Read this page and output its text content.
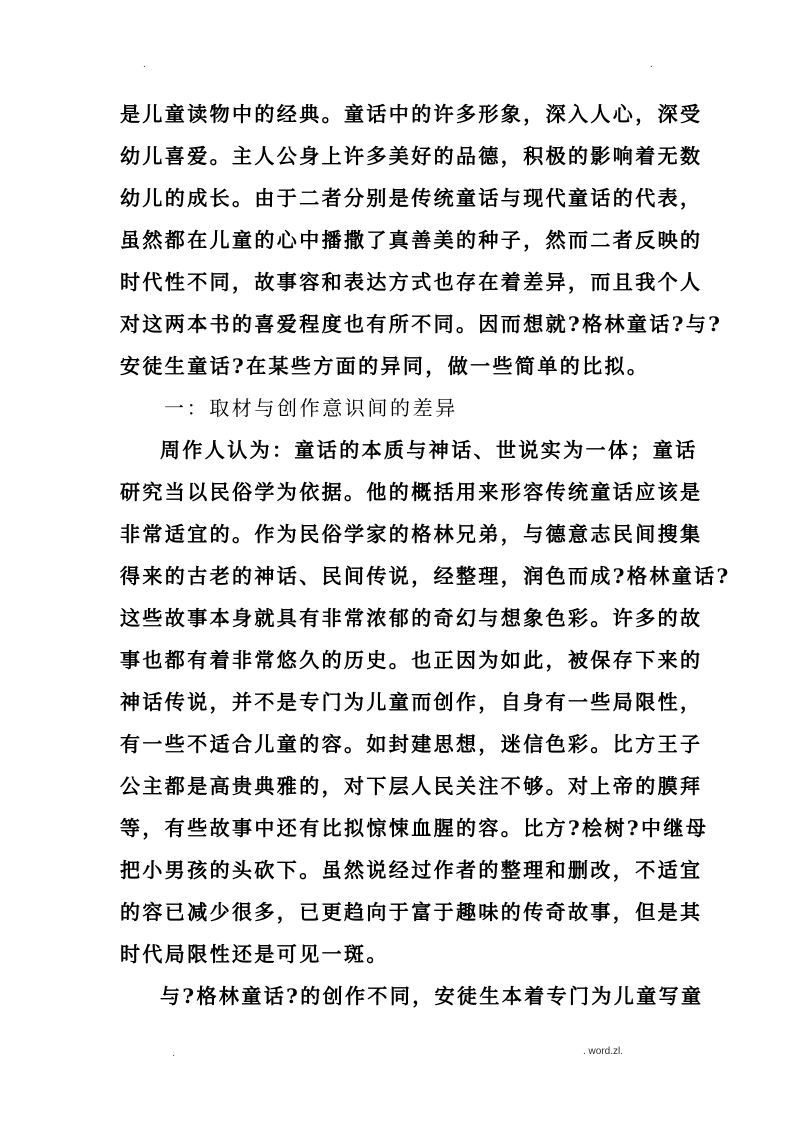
.	.
是儿童读物中的经典。童话中的许多形象，深入人心，深受
幼儿喜爱。主人公身上许多美好的品德，积极的影响着无数
幼儿的成长。由于二者分别是传统童话与现代童话的代表，
虽然都在儿童的心中播撒了真善美的种子，然而二者反映的
时代性不同，故事容和表达方式也存在着差异，而且我个人
对这两本书的喜爱程度也有所不同。因而想就?格林童话?与?
安徒生童话?在某些方面的异同，做一些简单的比拟。
一：取材与创作意识间的差异
周作人认为：童话的本质与神话、世说实为一体；童话
研究当以民俗学为依据。他的概括用来形容传统童话应该是
非常适宜的。作为民俗学家的格林兄弟，与德意志民间搜集
得来的古老的神话、民间传说，经整理，润色而成?格林童话?
这些故事本身就具有非常浓郁的奇幻与想象色彩。许多的故
事也都有着非常悠久的历史。也正因为如此，被保存下来的
神话传说，并不是专门为儿童而创作，自身有一些局限性，
有一些不适合儿童的容。如封建思想，迷信色彩。比方王子
公主都是高贵典雅的，对下层人民关注不够。对上帝的膜拜
等，有些故事中还有比拟惊悚血腥的容。比方?桧树?中继母
把小男孩的头砍下。虽然说经过作者的整理和删改，不适宜
的容已减少很多，已更趋向于富于趣味的传奇故事，但是其
时代局限性还是可见一斑。
与?格林童话?的创作不同，安徒生本着专门为儿童写童
.	. word.zl.
